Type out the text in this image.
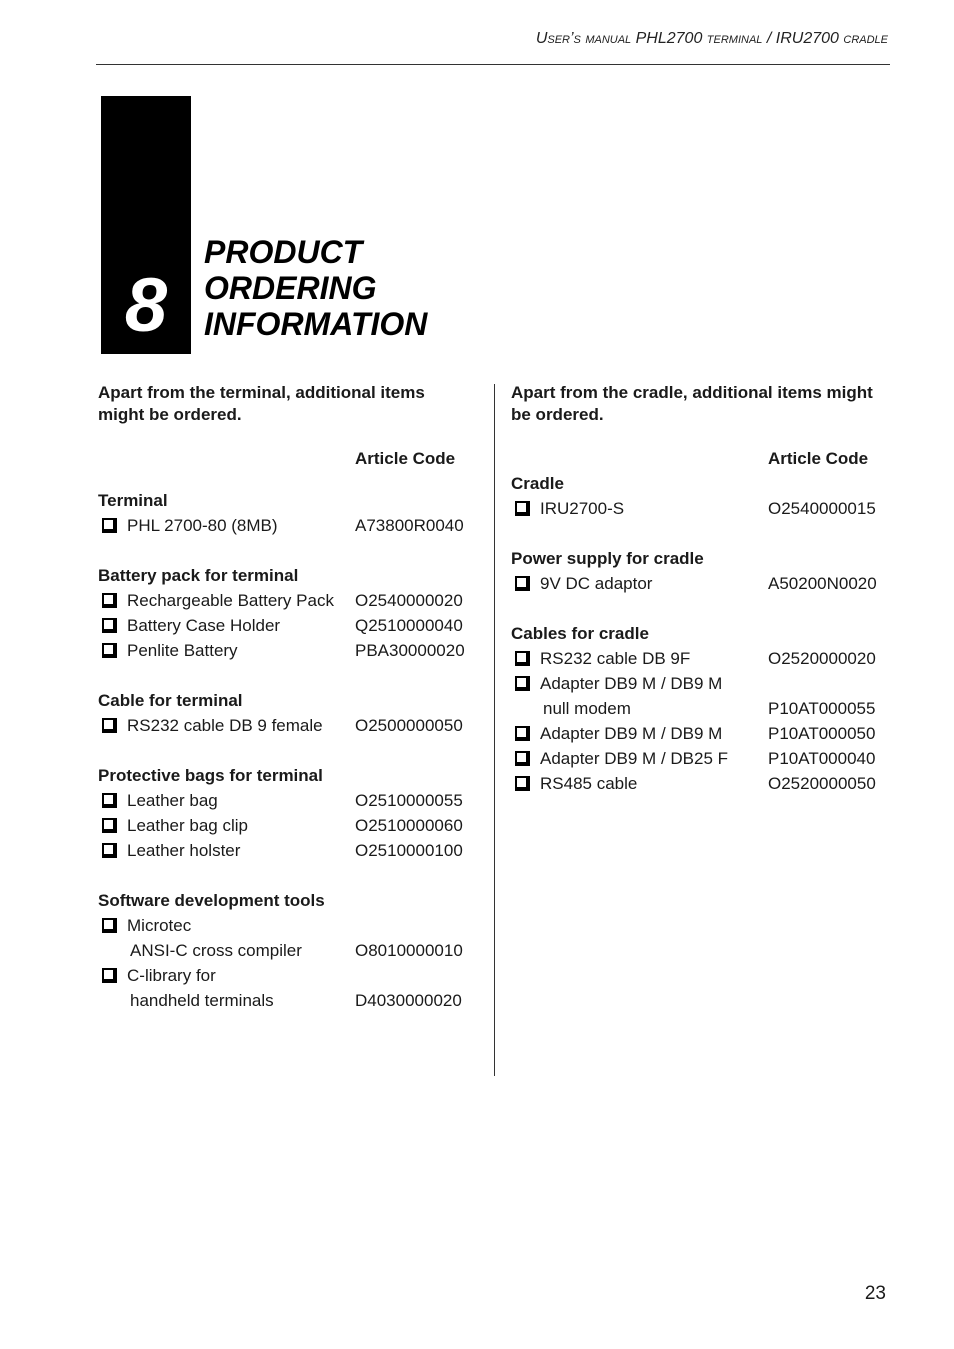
User’s manual PHL2700 terminal / IRU2700 cradle
8
PRODUCT
ORDERING
INFORMATION

Apart from the terminal, additional items might be ordered.

Article Code
Terminal
PHL 2700-80 (8MB)	A73800R0040
Battery pack for terminal
Rechargeable Battery Pack O2540000020
Battery Case Holder	Q2510000040
Penlite Battery	PBA30000020
Cable for terminal
RS232 cable DB 9 female O2500000050
Protective bags for terminal
Leather bag	O2510000055
Leather bag clip	O2510000060
Leather holster	O2510000100
Software development tools
Microtec
ANSI-C cross compiler	O8010000010
C-library for
handheld terminals	D4030000020

Apart from the cradle, additional items might be ordered.

Article Code
Cradle
IRU2700-S	O2540000015
Power supply for cradle
9V DC adaptor	A50200N0020
Cables for cradle
RS232 cable DB 9F	O2520000020
Adapter DB9 M / DB9 M
null modem	P10AT000055
Adapter DB9 M / DB9 M	P10AT000050
Adapter DB9 M / DB25 F P10AT000040
RS485 cable	O2520000050
23
